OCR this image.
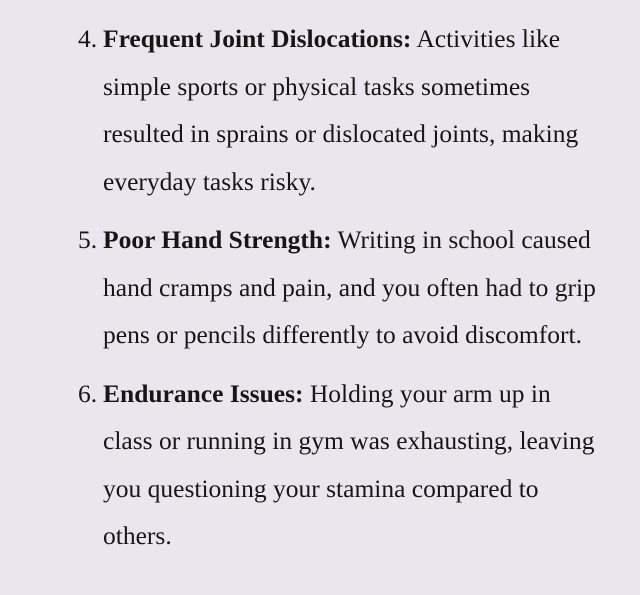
4. Frequent Joint Dislocations: Activities like simple sports or physical tasks sometimes resulted in sprains or dislocated joints, making everyday tasks risky.
5. Poor Hand Strength: Writing in school caused hand cramps and pain, and you often had to grip pens or pencils differently to avoid discomfort.
6. Endurance Issues: Holding your arm up in class or running in gym was exhausting, leaving you questioning your stamina compared to others.
